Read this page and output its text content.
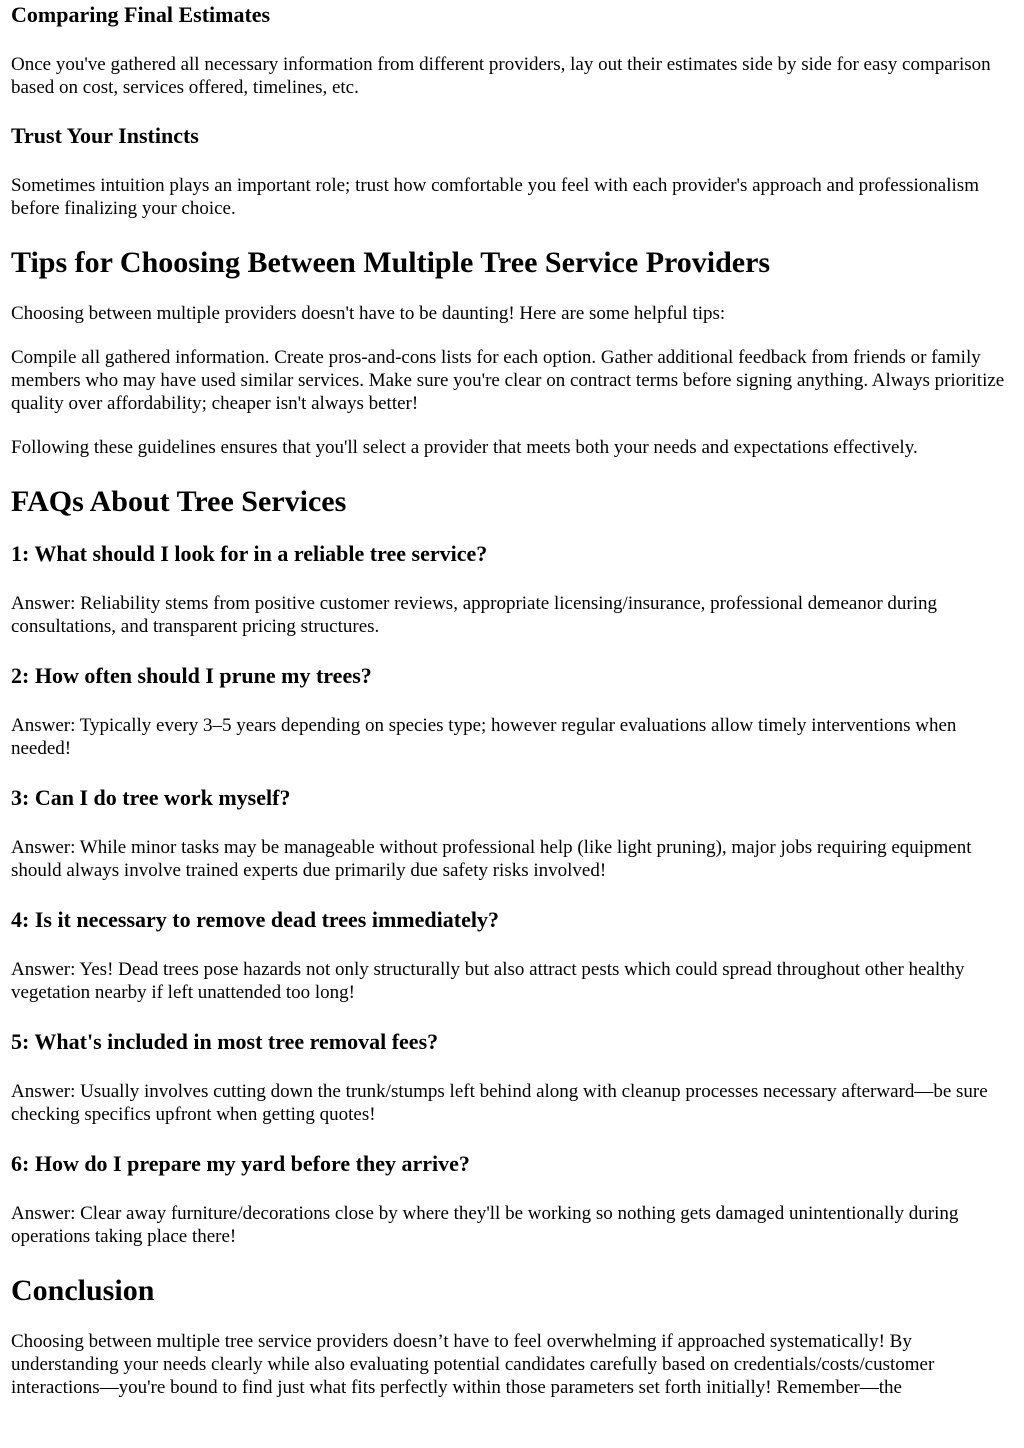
Comparing Final Estimates

Once you've gathered all necessary information from different providers, lay out their estimates side by side for easy comparison based on cost, services offered, timelines, etc.

Trust Your Instincts

Sometimes intuition plays an important role; trust how comfortable you feel with each provider's approach and professionalism before finalizing your choice.

Tips for Choosing Between Multiple Tree Service Providers

Choosing between multiple providers doesn't have to be daunting! Here are some helpful tips:

Compile all gathered information. Create pros-and-cons lists for each option. Gather additional feedback from friends or family members who may have used similar services. Make sure you're clear on contract terms before signing anything. Always prioritize quality over affordability; cheaper isn't always better!

Following these guidelines ensures that you'll select a provider that meets both your needs and expectations effectively.

FAQs About Tree Services
1: What should I look for in a reliable tree service?

Answer: Reliability stems from positive customer reviews, appropriate licensing/insurance, professional demeanor during consultations, and transparent pricing structures.

2: How often should I prune my trees?

Answer: Typically every 3–5 years depending on species type; however regular evaluations allow timely interventions when needed!

3: Can I do tree work myself?

Answer: While minor tasks may be manageable without professional help (like light pruning), major jobs requiring equipment should always involve trained experts due primarily due safety risks involved!

4: Is it necessary to remove dead trees immediately?

Answer: Yes! Dead trees pose hazards not only structurally but also attract pests which could spread throughout other healthy vegetation nearby if left unattended too long!

5: What's included in most tree removal fees?

Answer: Usually involves cutting down the trunk/stumps left behind along with cleanup processes necessary afterward—be sure checking specifics upfront when getting quotes!

6: How do I prepare my yard before they arrive?

Answer: Clear away furniture/decorations close by where they'll be working so nothing gets damaged unintentionally during operations taking place there!

Conclusion

Choosing between multiple tree service providers doesn’t have to feel overwhelming if approached systematically! By understanding your needs clearly while also evaluating potential candidates carefully based on credentials/costs/customer interactions—you're bound to find just what fits perfectly within those parameters set forth initially! Remember—the
